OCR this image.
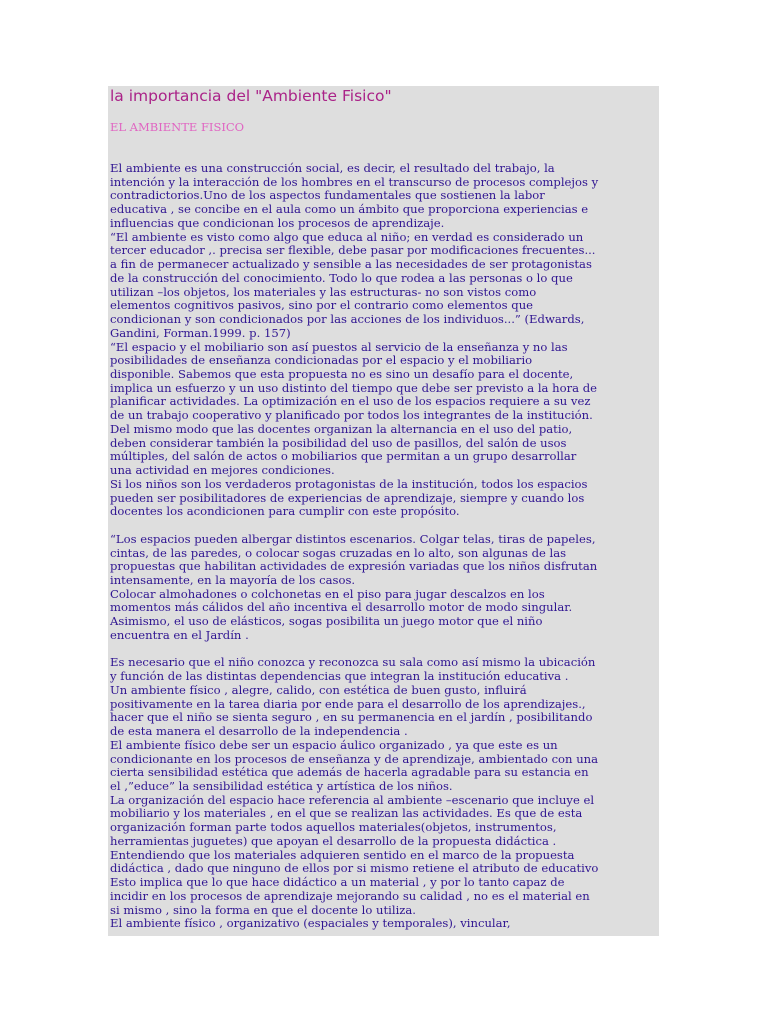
la importancia del "Ambiente Fisico"
EL AMBIENTE FISICO

El ambiente es una construcción social, es decir, el resultado del trabajo, la
intención y la interacción de los hombres en el transcurso de procesos complejos y
contradictorios.Uno de los aspectos fundamentales que sostienen la labor
educativa , se concibe en el aula como un ámbito que proporciona experiencias e
influencias que condicionan los procesos de aprendizaje.
“El ambiente es visto como algo que educa al niño; en verdad es considerado un
tercer educador ,. precisa ser flexible, debe pasar por modificaciones frecuentes...
a fin de permanecer actualizado y sensible a las necesidades de ser protagonistas
de la construcción del conocimiento. Todo lo que rodea a las personas o lo que
utilizan –los objetos, los materiales y las estructuras- no son vistos como
elementos cognitivos pasivos, sino por el contrario como elementos que
condicionan y son condicionados por las acciones de los individuos...” (Edwards,
Gandini, Forman.1999. p. 157)
“El espacio y el mobiliario son así puestos al servicio de la enseñanza y no las
posibilidades de enseñanza condicionadas por el espacio y el mobiliario
disponible. Sabemos que esta propuesta no es sino un desafío para el docente,
implica un esfuerzo y un uso distinto del tiempo que debe ser previsto a la hora de
planificar actividades. La optimización en el uso de los espacios requiere a su vez
de un trabajo cooperativo y planificado por todos los integrantes de la institución.
Del mismo modo que las docentes organizan la alternancia en el uso del patio,
deben considerar también la posibilidad del uso de pasillos, del salón de usos
múltiples, del salón de actos o mobiliarios que permitan a un grupo desarrollar
una actividad en mejores condiciones.
Si los niños son los verdaderos protagonistas de la institución, todos los espacios
pueden ser posibilitadores de experiencias de aprendizaje, siempre y cuando los
docentes los acondicionen para cumplir con este propósito.

“Los espacios pueden albergar distintos escenarios. Colgar telas, tiras de papeles,
cintas, de las paredes, o colocar sogas cruzadas en lo alto, son algunas de las
propuestas que habilitan actividades de expresión variadas que los niños disfrutan
intensamente, en la mayoría de los casos.
Colocar almohadones o colchonetas en el piso para jugar descalzos en los
momentos más cálidos del año incentiva el desarrollo motor de modo singular.
Asimismo, el uso de elásticos, sogas posibilita un juego motor que el niño
encuentra en el Jardín .

Es necesario que el niño conozca y reconozca su sala como así mismo la ubicación
y función de las distintas dependencias que integran la institución educativa .
Un ambiente físico , alegre, calido, con estética de buen gusto, influirá
positivamente en la tarea diaria por ende para el desarrollo de los aprendizajes.,
hacer que el niño se sienta seguro , en su permanencia en el jardín , posibilitando
de esta manera el desarrollo de la independencia .
El ambiente físico debe ser un espacio áulico organizado , ya que este es un
condicionante en los procesos de enseñanza y de aprendizaje, ambientado con una
cierta sensibilidad estética que además de hacerla agradable para su estancia en
el ,”educe” la sensibilidad estética y artística de los niños.
La organización del espacio hace referencia al ambiente –escenario que incluye el
mobiliario y los materiales , en el que se realizan las actividades. Es que de esta
organización forman parte todos aquellos materiales(objetos, instrumentos,
herramientas juguetes) que apoyan el desarrollo de la propuesta didáctica .
Entendiendo que los materiales adquieren sentido en el marco de la propuesta
didáctica , dado que ninguno de ellos por si mismo retiene el atributo de educativo
Esto implica que lo que hace didáctico a un material , y por lo tanto capaz de
incidir en los procesos de aprendizaje mejorando su calidad , no es el material en
si mismo , sino la forma en que el docente lo utiliza.
El ambiente físico , organizativo (espaciales y temporales), vincular,
